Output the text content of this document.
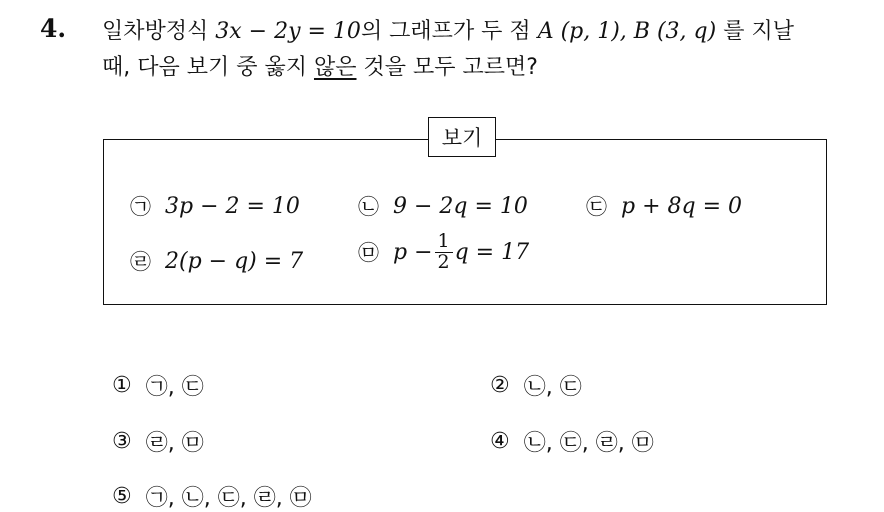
4. 일차방정식 3x − 2y = 10의 그래프가 두 점 A (p, 1), B (3, q) 를 지날
때, 다음 보기 중 옳지 않은 것을 모두 고르면?
보기
㉠ 3p − 2 = 10	㉡ 9 − 2q = 10	㉢ p + 8q = 0
㉣ 2(p − q) = 7	㉤ $p - \frac{1}{2}$ q = 17
① ㉠, ㉢	② ㉡, ㉢
③ ㉣, ㉤	④ ㉡, ㉢, ㉣, ㉤
⑤ ㉠, ㉡, ㉢, ㉣, ㉤
